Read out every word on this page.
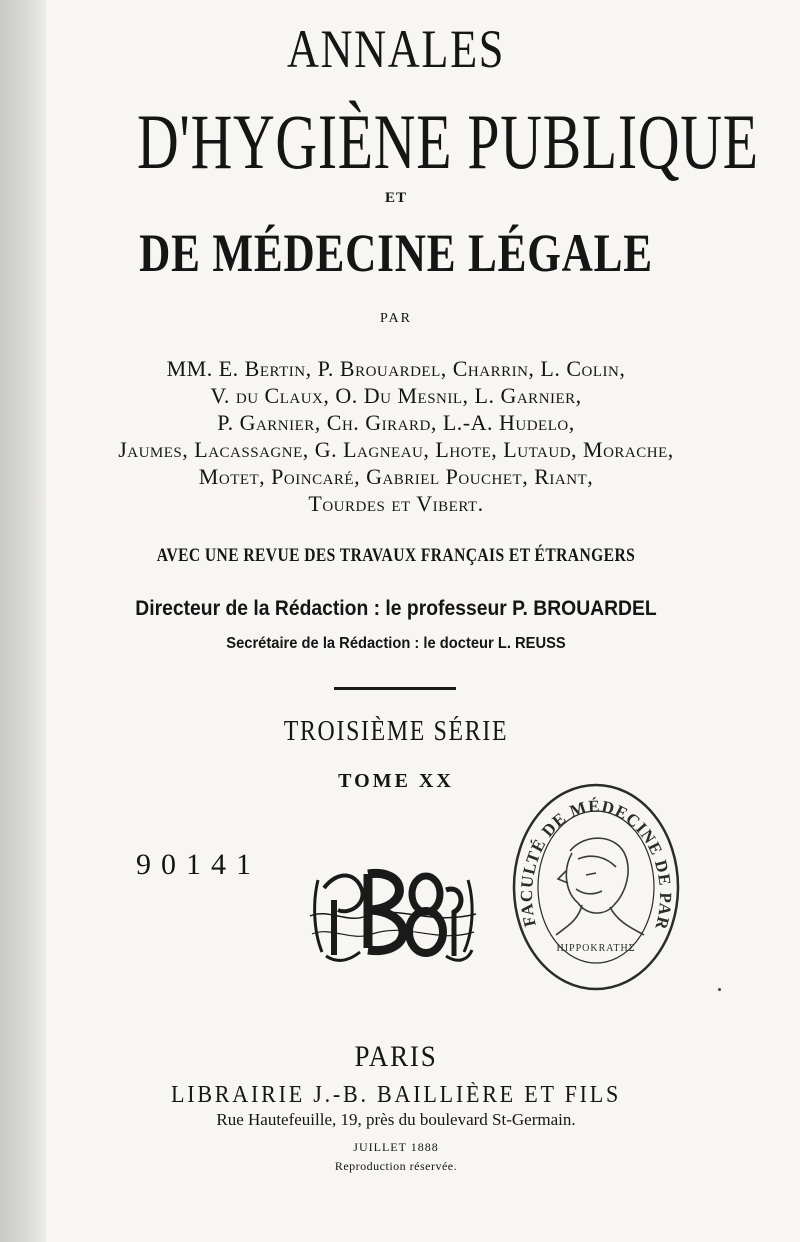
ANNALES
D'HYGIÈNE PUBLIQUE
ET
DE MÉDECINE LÉGALE
PAR
MM. E. Bertin, P. Brouardel, Charrin, L. Colin,
V. du Claux, O. Du Mesnil, L. Garnier,
P. Garnier, Ch. Girard, L.-A. Hudelo,
Jaumes, Lacassagne, G. Lagneau, Lhote, Lutaud, Morache,
Motet, Poincaré, Gabriel Pouchet, Riant,
Tourdes et Vibert.
AVEC UNE REVUE DES TRAVAUX FRANÇAIS ET ÉTRANGERS
Directeur de la Rédaction : le professeur P. BROUARDEL
Secrétaire de la Rédaction : le docteur L. REUSS
TROISIÈME SÉRIE
TOME XX
90141
FACULTÉ DE MÉDECINE DE PAR
HIPPOKRATHΣ
PARIS
LIBRAIRIE J.-B. BAILLIÈRE ET FILS
Rue Hautefeuille, 19, près du boulevard St-Germain.
JUILLET 1888
Reproduction réservée.
